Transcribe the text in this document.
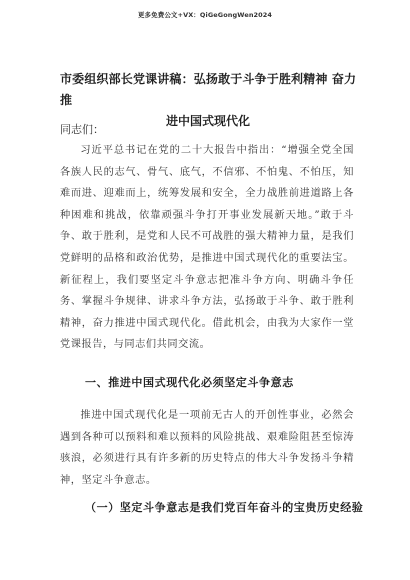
更多免费公文+VX：QiGeGongWen2024
市委组织部长党课讲稿：弘扬敢于斗争于胜利精神 奋力推
进中国式现代化
同志们：

习近平总书记在党的二十大报告中指出：“增强全党全国各族人民的志气、骨气、底气，不信邪、不怕鬼、不怕压，知难而进、迎难而上，统筹发展和安全，全力战胜前进道路上各种困难和挑战，依靠顽强斗争打开事业发展新天地。”敢于斗争、敢于胜利，是党和人民不可战胜的强大精神力量，是我们党鲜明的品格和政治优势，是推进中国式现代化的重要法宝。新征程上，我们要坚定斗争意志把准斗争方向、明确斗争任务、掌握斗争规律、讲求斗争方法，弘扬敢于斗争、敢于胜利精神，奋力推进中国式现代化。借此机会，由我为大家作一堂党课报告，与同志们共同交流。

一、推进中国式现代化必须坚定斗争意志

推进中国式现代化是一项前无古人的开创性事业，必然会遇到各种可以预料和难以预料的风险挑战、艰难险阻甚至惊涛骇浪，必须进行具有许多新的历史特点的伟大斗争发扬斗争精神，坚定斗争意志。

（一）坚定斗争意志是我们党百年奋斗的宝贵历史经验
